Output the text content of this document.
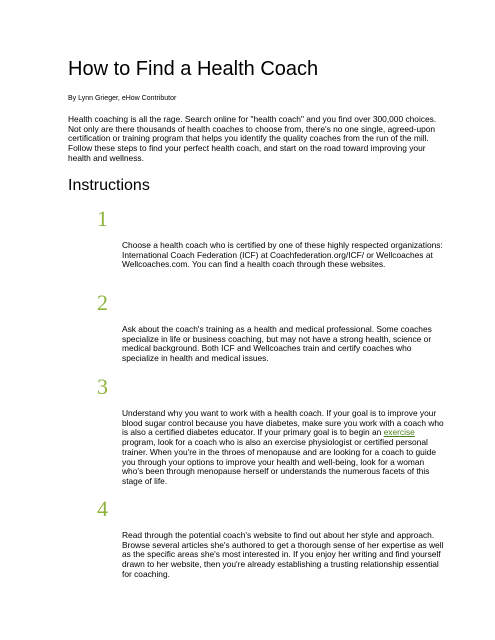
How to Find a Health Coach

By Lynn Grieger, eHow Contributor

Health coaching is all the rage. Search online for "health coach" and you find over 300,000 choices. Not only are there thousands of health coaches to choose from, there's no one single, agreed-upon certification or training program that helps you identify the quality coaches from the run of the mill. Follow these steps to find your perfect health coach, and start on the road toward improving your health and wellness.

Instructions

1

Choose a health coach who is certified by one of these highly respected organizations: International Coach Federation (ICF) at Coachfederation.org/ICF/ or Wellcoaches at Wellcoaches.com. You can find a health coach through these websites.

2

Ask about the coach's training as a health and medical professional. Some coaches specialize in life or business coaching, but may not have a strong health, science or medical background. Both ICF and Wellcoaches train and certify coaches who specialize in health and medical issues.

3

Understand why you want to work with a health coach. If your goal is to improve your blood sugar control because you have diabetes, make sure you work with a coach who is also a certified diabetes educator. If your primary goal is to begin an exercise program, look for a coach who is also an exercise physiologist or certified personal trainer. When you're in the throes of menopause and are looking for a coach to guide you through your options to improve your health and well-being, look for a woman who's been through menopause herself or understands the numerous facets of this stage of life.

4

Read through the potential coach's website to find out about her style and approach. Browse several articles she's authored to get a thorough sense of her expertise as well as the specific areas she's most interested in. If you enjoy her writing and find yourself drawn to her website, then you're already establishing a trusting relationship essential for coaching.
